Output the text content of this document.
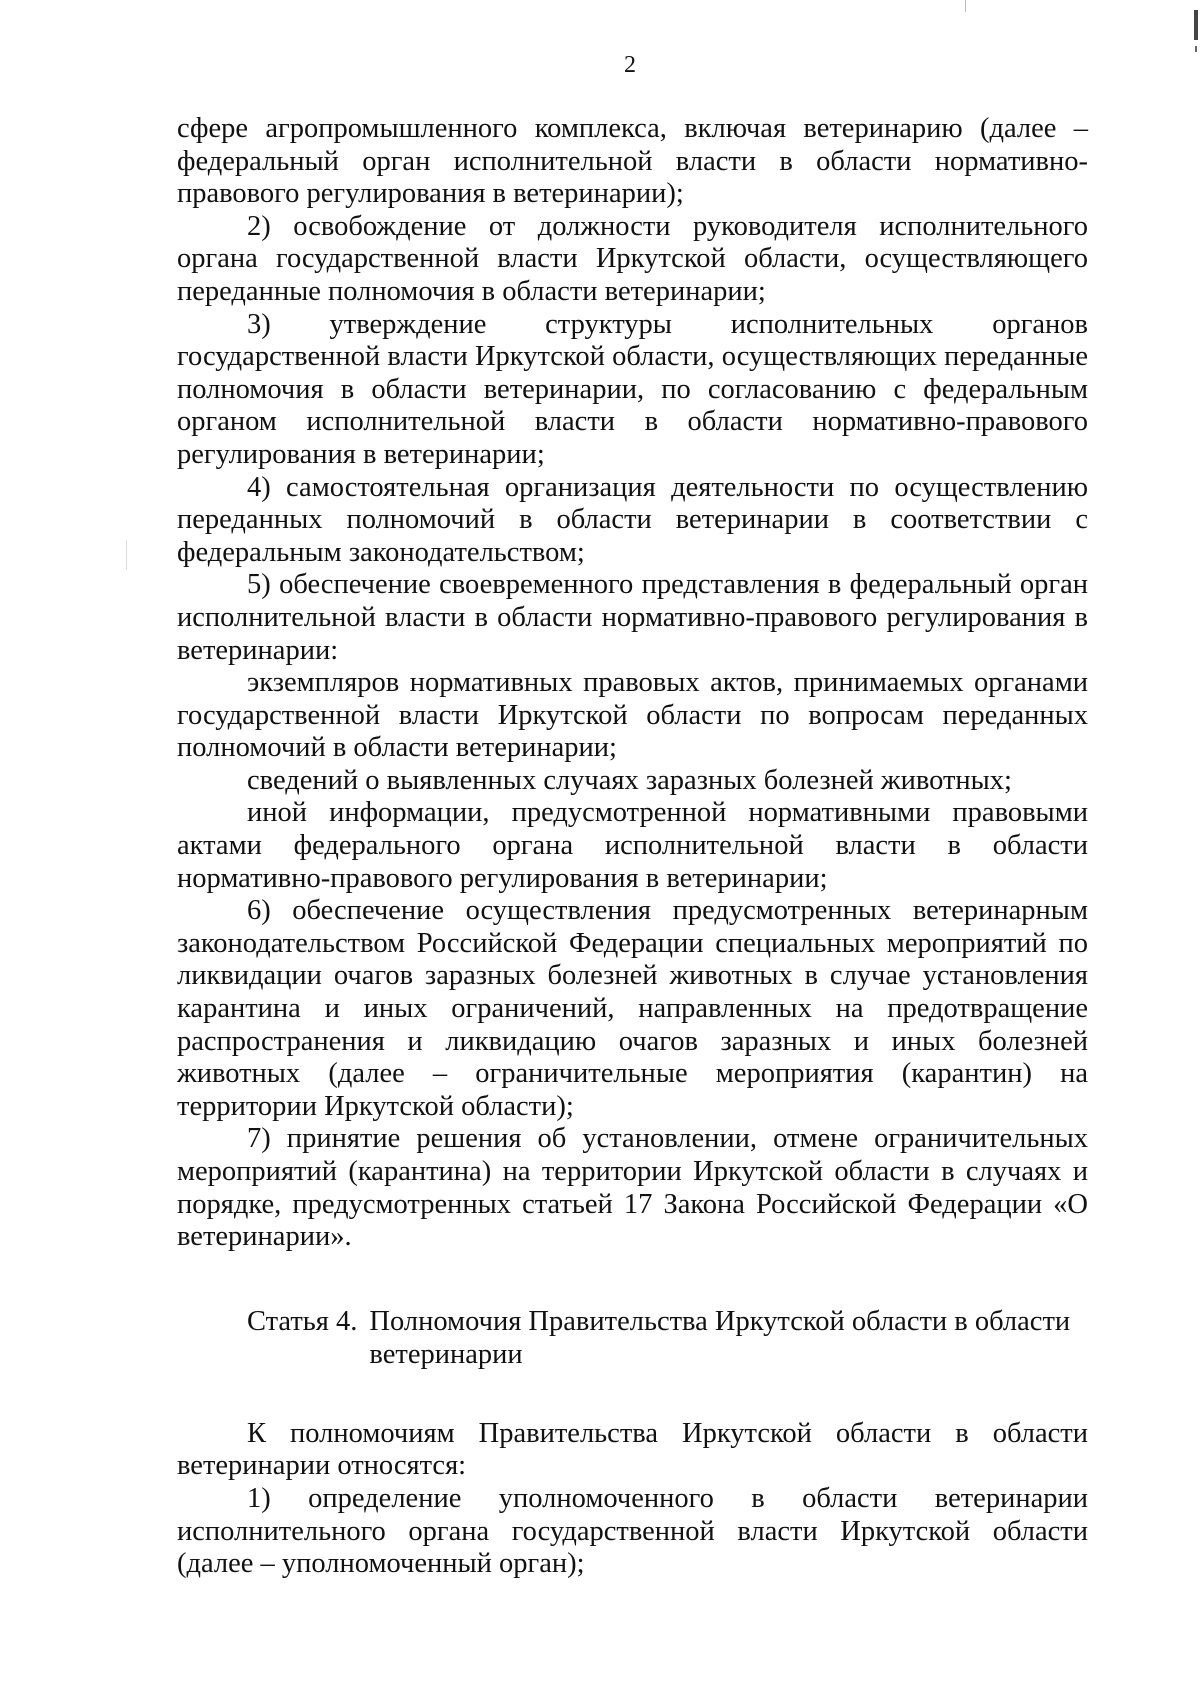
2

сфере агропромышленного комплекса, включая ветеринарию (далее – федеральный орган исполнительной власти в области нормативно-правового регулирования в ветеринарии);

2) освобождение от должности руководителя исполнительного органа государственной власти Иркутской области, осуществляющего переданные полномочия в области ветеринарии;

3) утверждение структуры исполнительных органов государственной власти Иркутской области, осуществляющих переданные полномочия в области ветеринарии, по согласованию с федеральным органом исполнительной власти в области нормативно-правового регулирования в ветеринарии;

4) самостоятельная организация деятельности по осуществлению переданных полномочий в области ветеринарии в соответствии с федеральным законодательством;

5) обеспечение своевременного представления в федеральный орган исполнительной власти в области нормативно-правового регулирования в ветеринарии:

экземпляров нормативных правовых актов, принимаемых органами государственной власти Иркутской области по вопросам переданных полномочий в области ветеринарии;

сведений о выявленных случаях заразных болезней животных;

иной информации, предусмотренной нормативными правовыми актами федерального органа исполнительной власти в области нормативно-правового регулирования в ветеринарии;

6) обеспечение осуществления предусмотренных ветеринарным законодательством Российской Федерации специальных мероприятий по ликвидации очагов заразных болезней животных в случае установления карантина и иных ограничений, направленных на предотвращение распространения и ликвидацию очагов заразных и иных болезней животных (далее – ограничительные мероприятия (карантин) на территории Иркутской области);

7) принятие решения об установлении, отмене ограничительных мероприятий (карантина) на территории Иркутской области в случаях и порядке, предусмотренных статьей 17 Закона Российской Федерации «О ветеринарии».

Статья 4. Полномочия Правительства Иркутской области в области ветеринарии

К полномочиям Правительства Иркутской области в области ветеринарии относятся:

1) определение уполномоченного в области ветеринарии исполнительного органа государственной власти Иркутской области (далее – уполномоченный орган);
